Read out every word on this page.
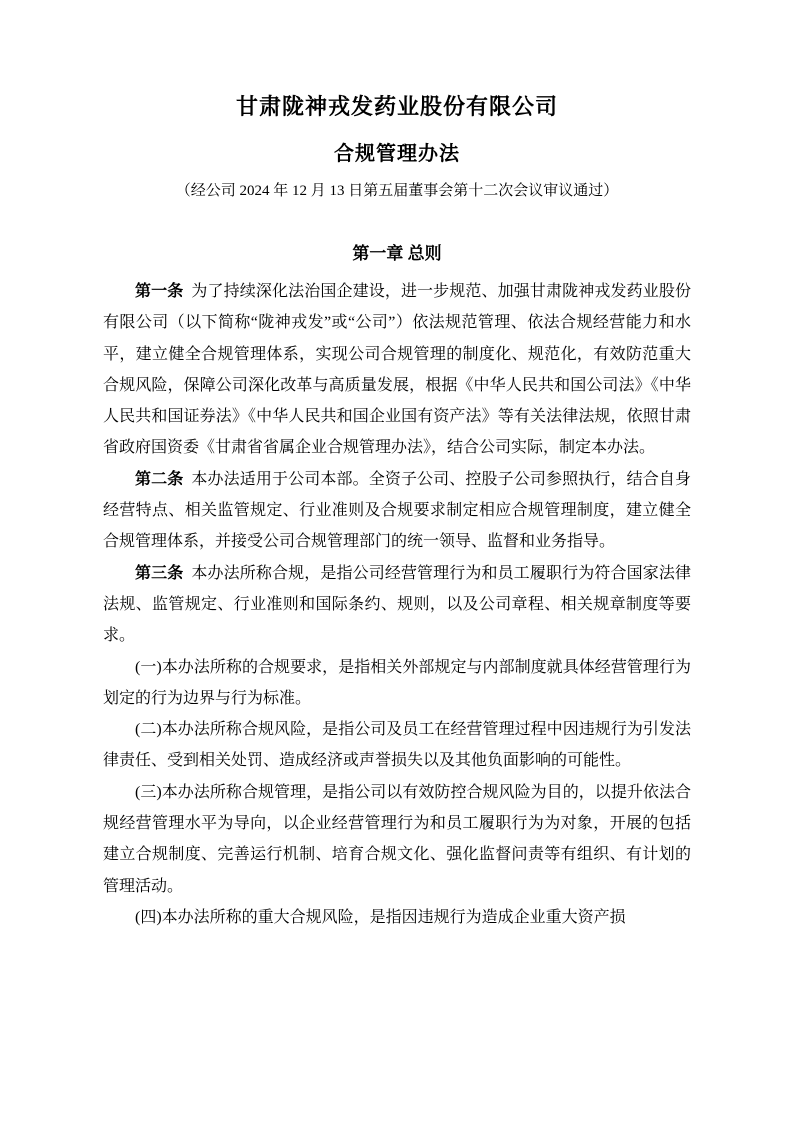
甘肃陇神戎发药业股份有限公司
合规管理办法

（经公司 2024 年 12 月 13 日第五届董事会第十二次会议审议通过）

第一章 总则

第一条 为了持续深化法治国企建设，进一步规范、加强甘肃陇神戎发药业股份有限公司（以下简称“陇神戎发”或“公司”）依法规范管理、依法合规经营能力和水平，建立健全合规管理体系，实现公司合规管理的制度化、规范化，有效防范重大合规风险，保障公司深化改革与高质量发展，根据《中华人民共和国公司法》《中华人民共和国证券法》《中华人民共和国企业国有资产法》等有关法律法规，依照甘肃省政府国资委《甘肃省省属企业合规管理办法》，结合公司实际，制定本办法。

第二条 本办法适用于公司本部。全资子公司、控股子公司参照执行，结合自身经营特点、相关监管规定、行业准则及合规要求制定相应合规管理制度，建立健全合规管理体系，并接受公司合规管理部门的统一领导、监督和业务指导。

第三条 本办法所称合规，是指公司经营管理行为和员工履职行为符合国家法律法规、监管规定、行业准则和国际条约、规则，以及公司章程、相关规章制度等要求。

(一)本办法所称的合规要求，是指相关外部规定与内部制度就具体经营管理行为划定的行为边界与行为标准。

(二)本办法所称合规风险，是指公司及员工在经营管理过程中因违规行为引发法律责任、受到相关处罚、造成经济或声誉损失以及其他负面影响的可能性。

(三)本办法所称合规管理，是指公司以有效防控合规风险为目的，以提升依法合规经营管理水平为导向，以企业经营管理行为和员工履职行为为对象，开展的包括建立合规制度、完善运行机制、培育合规文化、强化监督问责等有组织、有计划的管理活动。

(四)本办法所称的重大合规风险，是指因违规行为造成企业重大资产损
